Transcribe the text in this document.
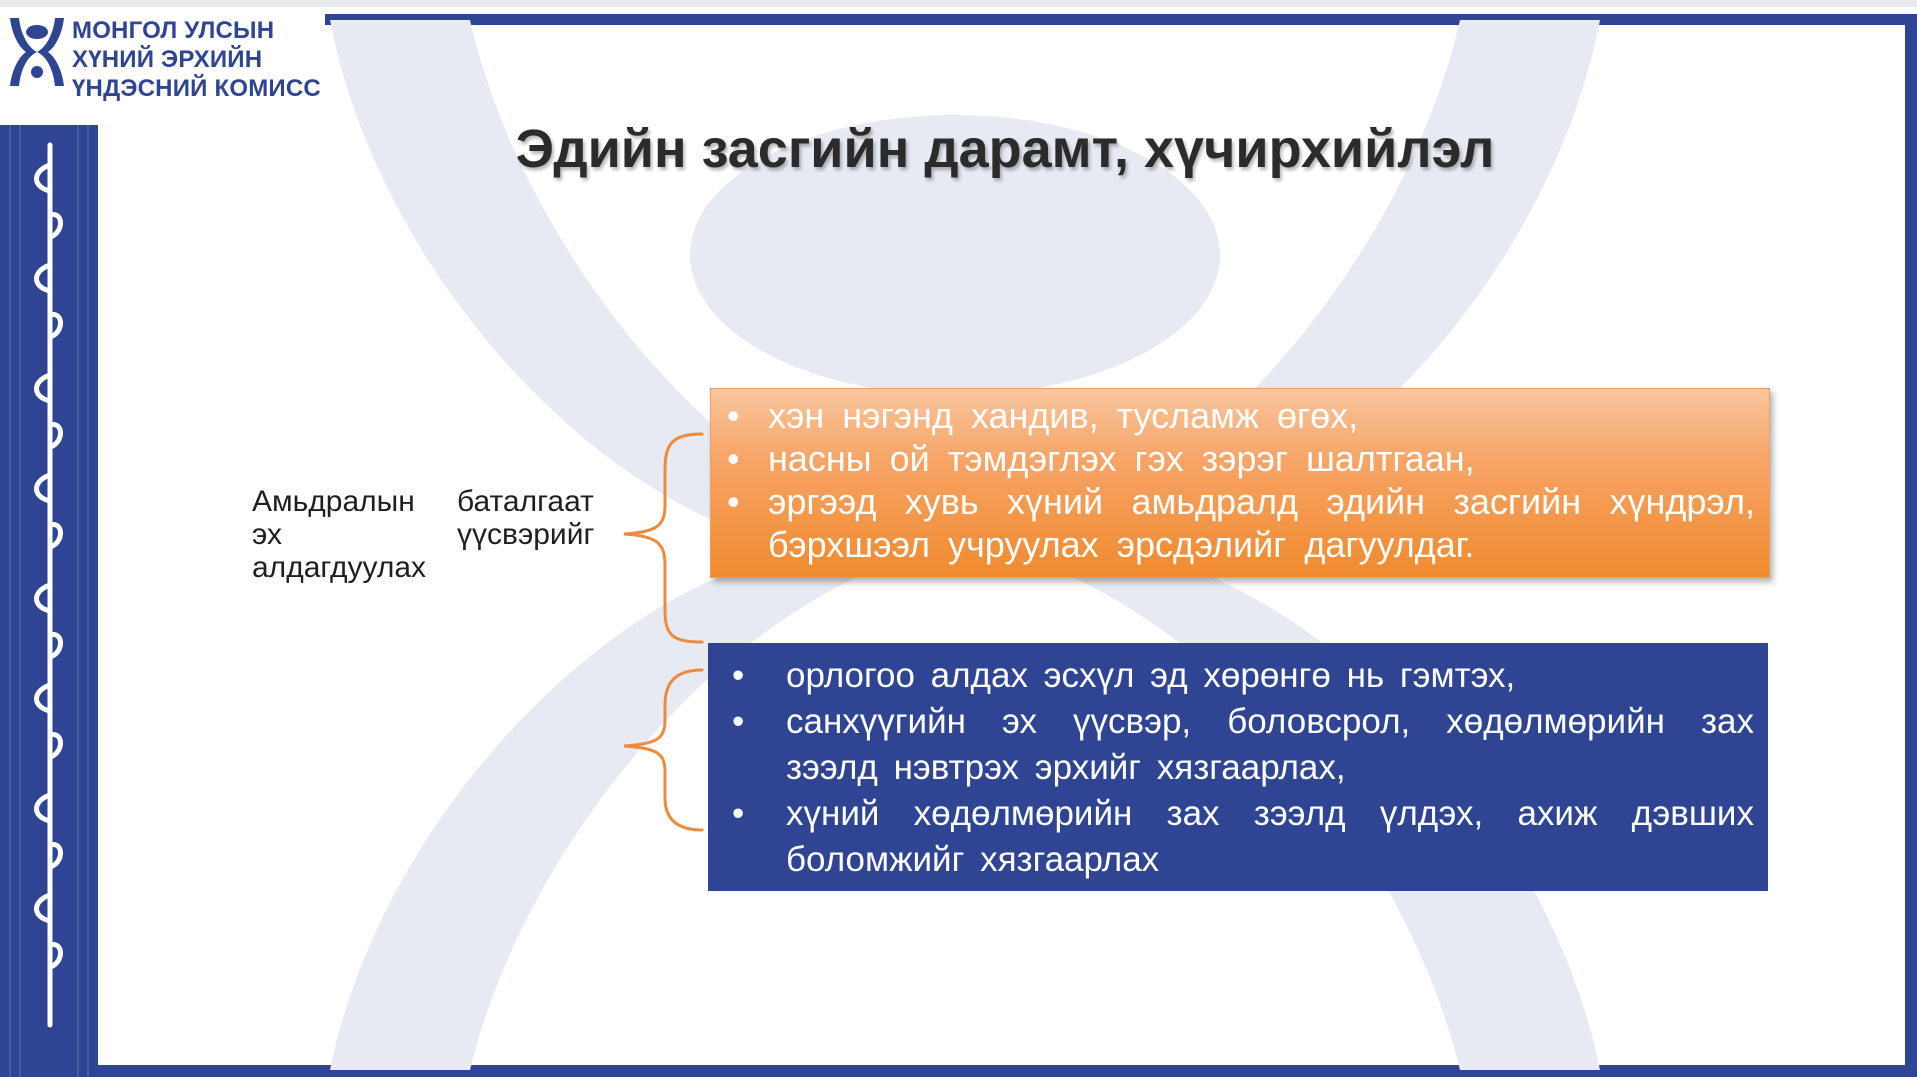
МОНГОЛ УЛСЫН
ХҮНИЙ ЭРХИЙН
ҮНДЭСНИЙ КОМИСС
Эдийн засгийн дарамт, хүчирхийлэл
Амьдралын эх алдагдуулах
баталгаат үүсвэрийг
• хэн нэгэнд хандив, тусламж өгөх,
• насны ой тэмдэглэх гэх зэрэг шалтгаан,
• эргээд хувь хүний амьдралд эдийн засгийн хүндрэл, бэрхшээл учруулах эрсдэлийг дагуулдаг.
• орлогоо алдах эсхүл эд хөрөнгө нь гэмтэх,
• санхүүгийн эх үүсвэр, боловсрол, хөдөлмөрийн зах зээлд нэвтрэх эрхийг хязгаарлах,
• хүний хөдөлмөрийн зах зээлд үлдэх, ахиж дэвших боломжийг хязгаарлах
МОНГОЛ УЛСЫН ИХ ХУРАЛ
